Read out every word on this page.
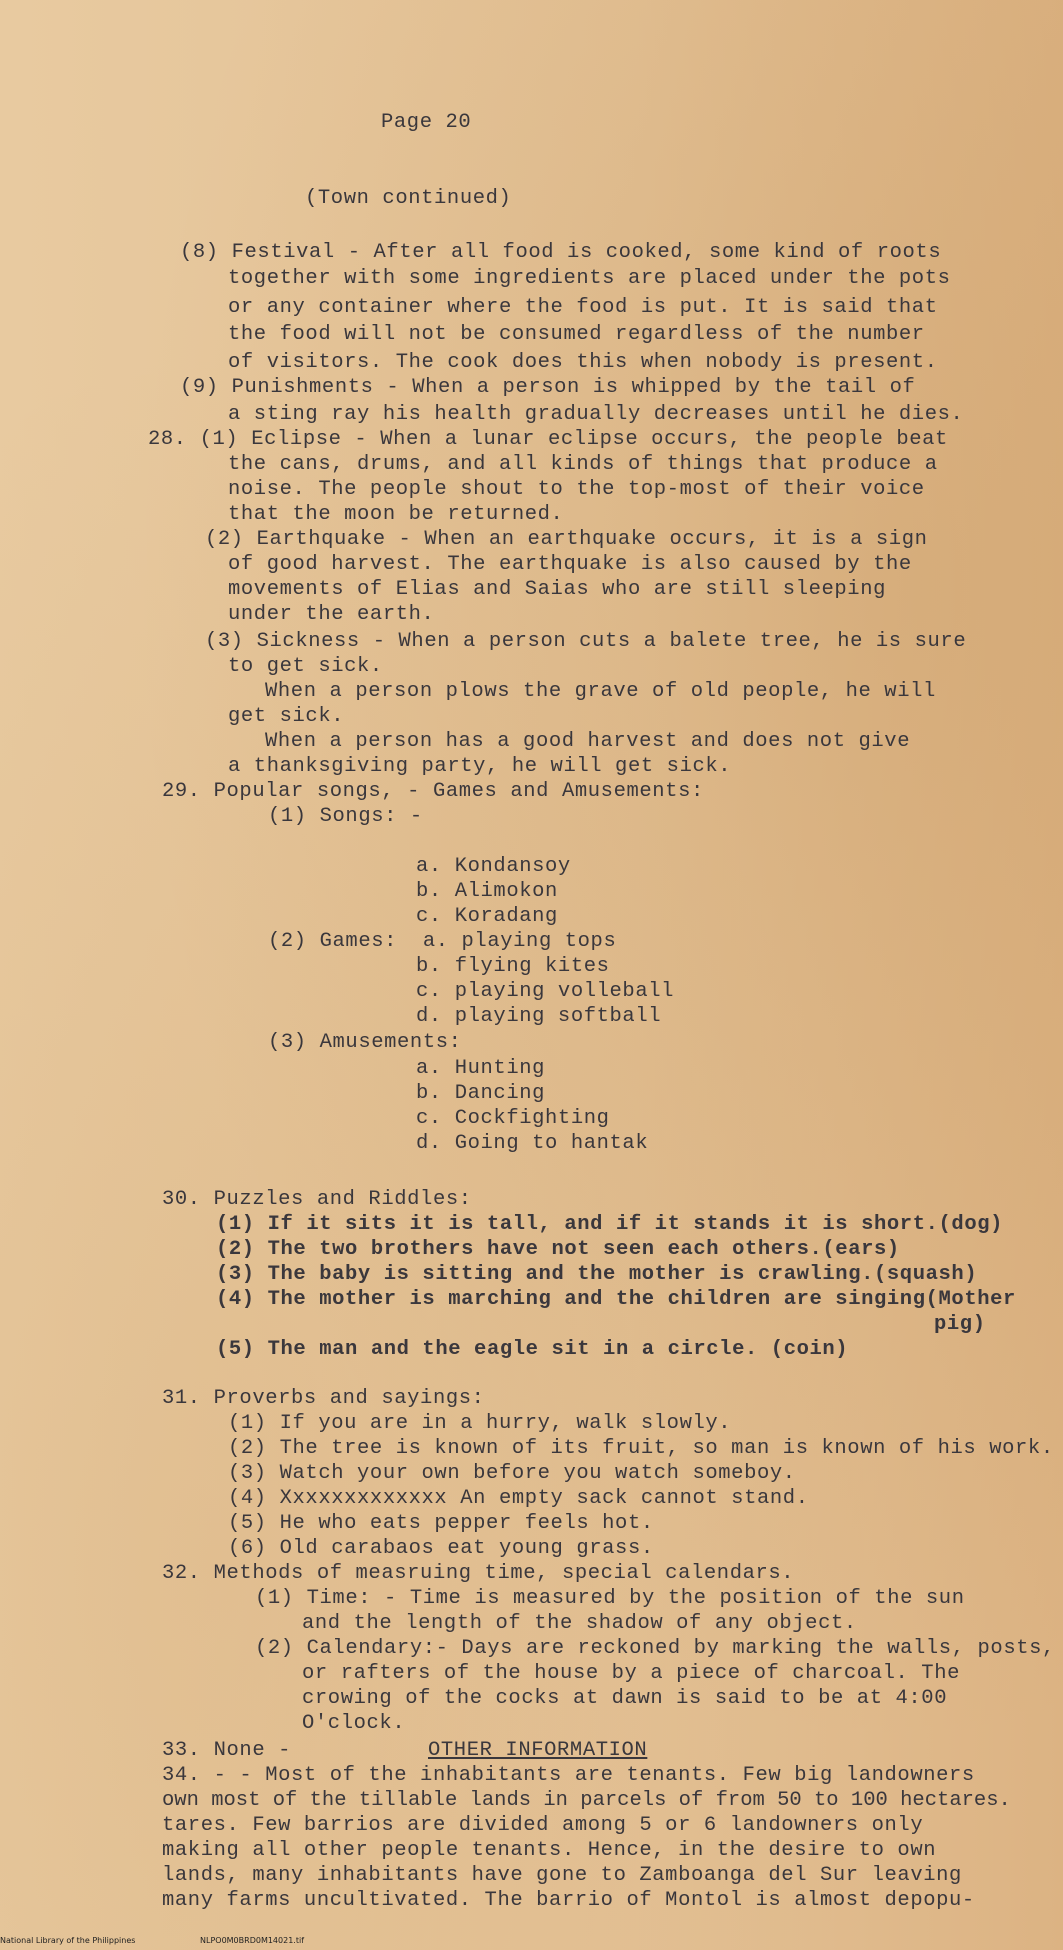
Page 20
(Town continued)
(8) Festival - After all food is cooked, some kind of roots
together with some ingredients are placed under the pots
or any container where the food is put. It is said that
the food will not be consumed regardless of the number
of visitors. The cook does this when nobody is present.
(9) Punishments - When a person is whipped by the tail of
a sting ray his health gradually decreases until he dies.
28. (1) Eclipse - When a lunar eclipse occurs, the people beat
the cans, drums, and all kinds of things that produce a
noise. The people shout to the top-most of their voice
that the moon be returned.
(2) Earthquake - When an earthquake occurs, it is a sign
of good harvest. The earthquake is also caused by the
movements of Elias and Saias who are still sleeping
under the earth.
(3) Sickness - When a person cuts a balete tree, he is sure
to get sick.
When a person plows the grave of old people, he will
get sick.
When a person has a good harvest and does not give
a thanksgiving party, he will get sick.
29. Popular songs, - Games and Amusements:
(1) Songs: -
a. Kondansoy
b. Alimokon
c. Koradang
(2) Games:  a. playing tops
b. flying kites
c. playing volleball
d. playing softball
(3) Amusements:
a. Hunting
b. Dancing
c. Cockfighting
d. Going to hantak
30. Puzzles and Riddles:
(1) If it sits it is tall, and if it stands it is short.(dog)
(2) The two brothers have not seen each others.(ears)
(3) The baby is sitting and the mother is crawling.(squash)
(4) The mother is marching and the children are singing(Mother
pig)
(5) The man and the eagle sit in a circle. (coin)
31. Proverbs and sayings:
(1) If you are in a hurry, walk slowly.
(2) The tree is known of its fruit, so man is known of his work.
(3) Watch your own before you watch someboy.
(4) Xxxxxxxxxxxxx An empty sack cannot stand.
(5) He who eats pepper feels hot.
(6) Old carabaos eat young grass.
32. Methods of measruing time, special calendars.
(1) Time: - Time is measured by the position of the sun
and the length of the shadow of any object.
(2) Calendary:- Days are reckoned by marking the walls, posts,
or rafters of the house by a piece of charcoal. The
crowing of the cocks at dawn is said to be at 4:00
O'clock.
33. None -	OTHER INFORMATION
34. - - Most of the inhabitants are tenants. Few big landowners
own most of the tillable lands in parcels of from 50 to 100 hectares.
tares. Few barrios are divided among 5 or 6 landowners only
making all other people tenants. Hence, in the desire to own
lands, many inhabitants have gone to Zamboanga del Sur leaving
many farms uncultivated. The barrio of Montol is almost depopu-
National Library of the Philippines	NLPO0M0BRD0M14021.tif
